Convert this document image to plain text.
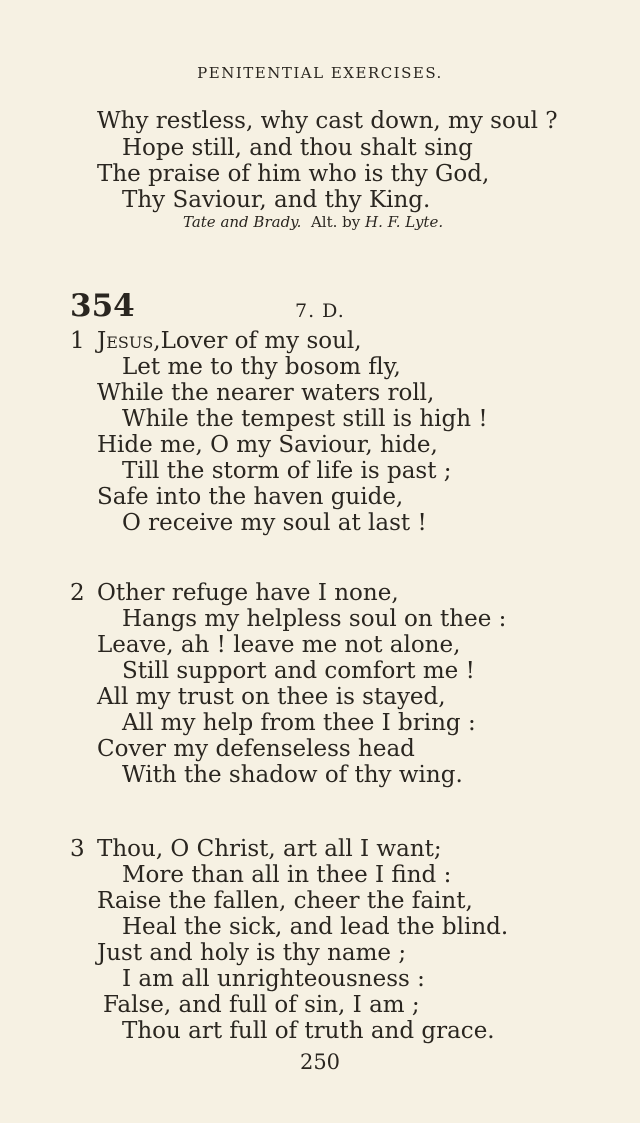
PENITENTIAL EXERCISES.
Why restless, why cast down, my soul ?
Hope still, and thou shalt sing
The praise of him who is thy God,
Thy Saviour, and thy King.
Tate and Brady. Alt. by H. F. Lyte.
354	7. D.
1 Jesus,Lover of my soul,
Let me to thy bosom fly,
While the nearer waters roll,
While the tempest still is high !
Hide me, O my Saviour, hide,
Till the storm of life is past ;
Safe into the haven guide,
O receive my soul at last !
2 Other refuge have I none,
Hangs my helpless soul on thee :
Leave, ah ! leave me not alone,
Still support and comfort me !
All my trust on thee is stayed,
All my help from thee I bring :
Cover my defenseless head
With the shadow of thy wing.
3 Thou, O Christ, art all I want;
More than all in thee I find :
Raise the fallen, cheer the faint,
Heal the sick, and lead the blind.
Just and holy is thy name ;
I am all unrighteousness :
False, and full of sin, I am ;
Thou art full of truth and grace.
250
